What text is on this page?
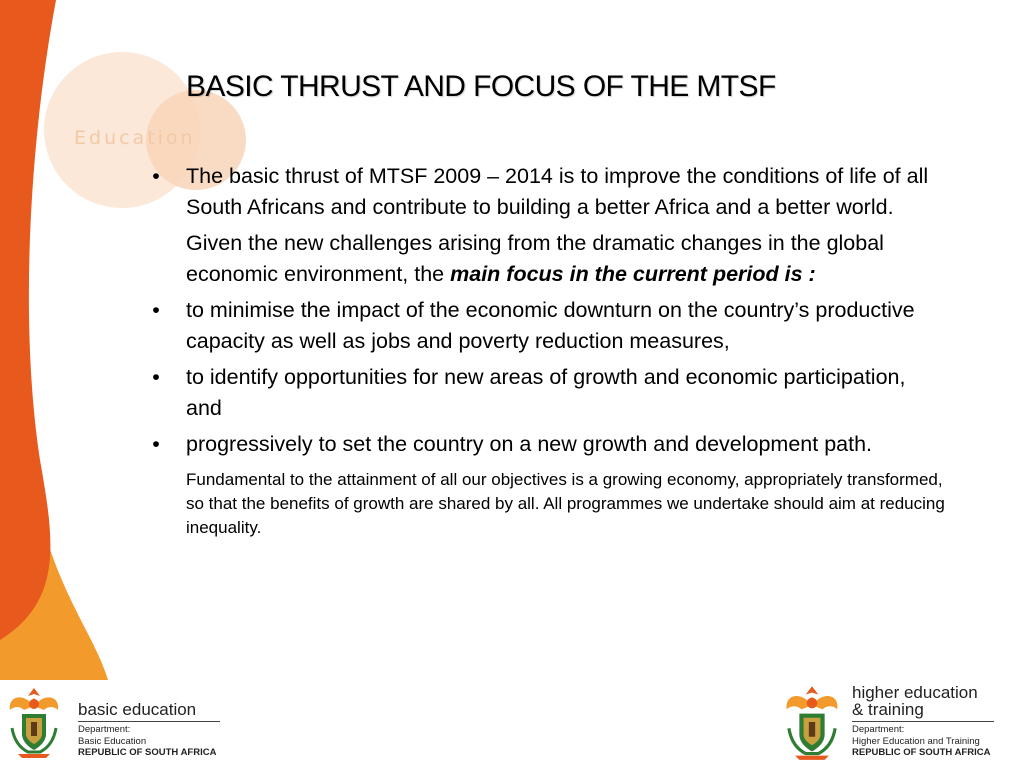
Education
BASIC THRUST AND FOCUS OF THE MTSF
• The basic thrust of MTSF 2009 – 2014 is to improve the conditions of life of all South Africans and contribute to building a better Africa and a better world.
Given the new challenges arising from the dramatic changes in the global economic environment, the main focus in the current period is :
• to minimise the impact of the economic downturn on the country’s productive capacity as well as jobs and poverty reduction measures,
• to identify opportunities for new areas of growth and economic participation, and
• progressively to set the country on a new growth and development path.
Fundamental to the attainment of all our objectives is a growing economy, appropriately transformed, so that the benefits of growth are shared by all. All programmes we undertake should aim at reducing inequality.
basic education
Department:
Basic Education
REPUBLIC OF SOUTH AFRICA
higher education
& training
Department:
Higher Education and Training
REPUBLIC OF SOUTH AFRICA
